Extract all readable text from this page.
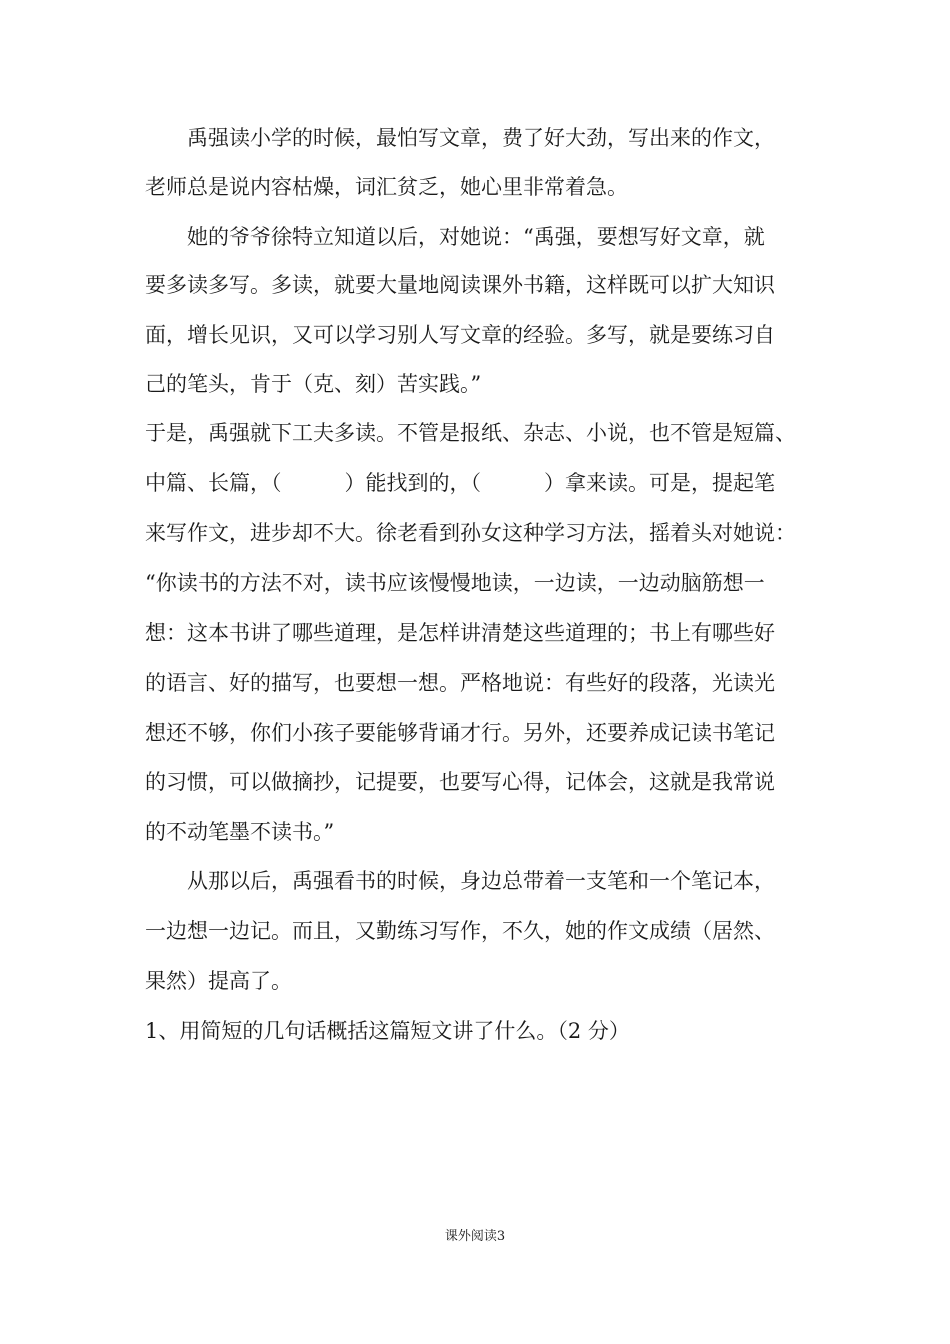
禹强读小学的时候，最怕写文章，费了好大劲，写出来的作文，
老师总是说内容枯燥，词汇贫乏，她心里非常着急。
她的爷爷徐特立知道以后，对她说：“禹强，要想写好文章，就
要多读多写。多读，就要大量地阅读课外书籍，这样既可以扩大知识
面，增长见识，又可以学习别人写文章的经验。多写，就是要练习自
己的笔头，肯于（克、刻）苦实践。”
于是，禹强就下工夫多读。不管是报纸、杂志、小说，也不管是短篇、
中篇、长篇，（　　　）能找到的，（　　　）拿来读。可是，提起笔
来写作文，进步却不大。徐老看到孙女这种学习方法，摇着头对她说：
“你读书的方法不对，读书应该慢慢地读，一边读，一边动脑筋想一
想：这本书讲了哪些道理，是怎样讲清楚这些道理的；书上有哪些好
的语言、好的描写，也要想一想。严格地说：有些好的段落，光读光
想还不够，你们小孩子要能够背诵才行。另外，还要养成记读书笔记
的习惯，可以做摘抄，记提要，也要写心得，记体会，这就是我常说
的不动笔墨不读书。”
从那以后，禹强看书的时候，身边总带着一支笔和一个笔记本，
一边想一边记。而且，又勤练习写作，不久，她的作文成绩（居然、
果然）提高了。
1、用简短的几句话概括这篇短文讲了什么。（2 分）
课外阅读3
